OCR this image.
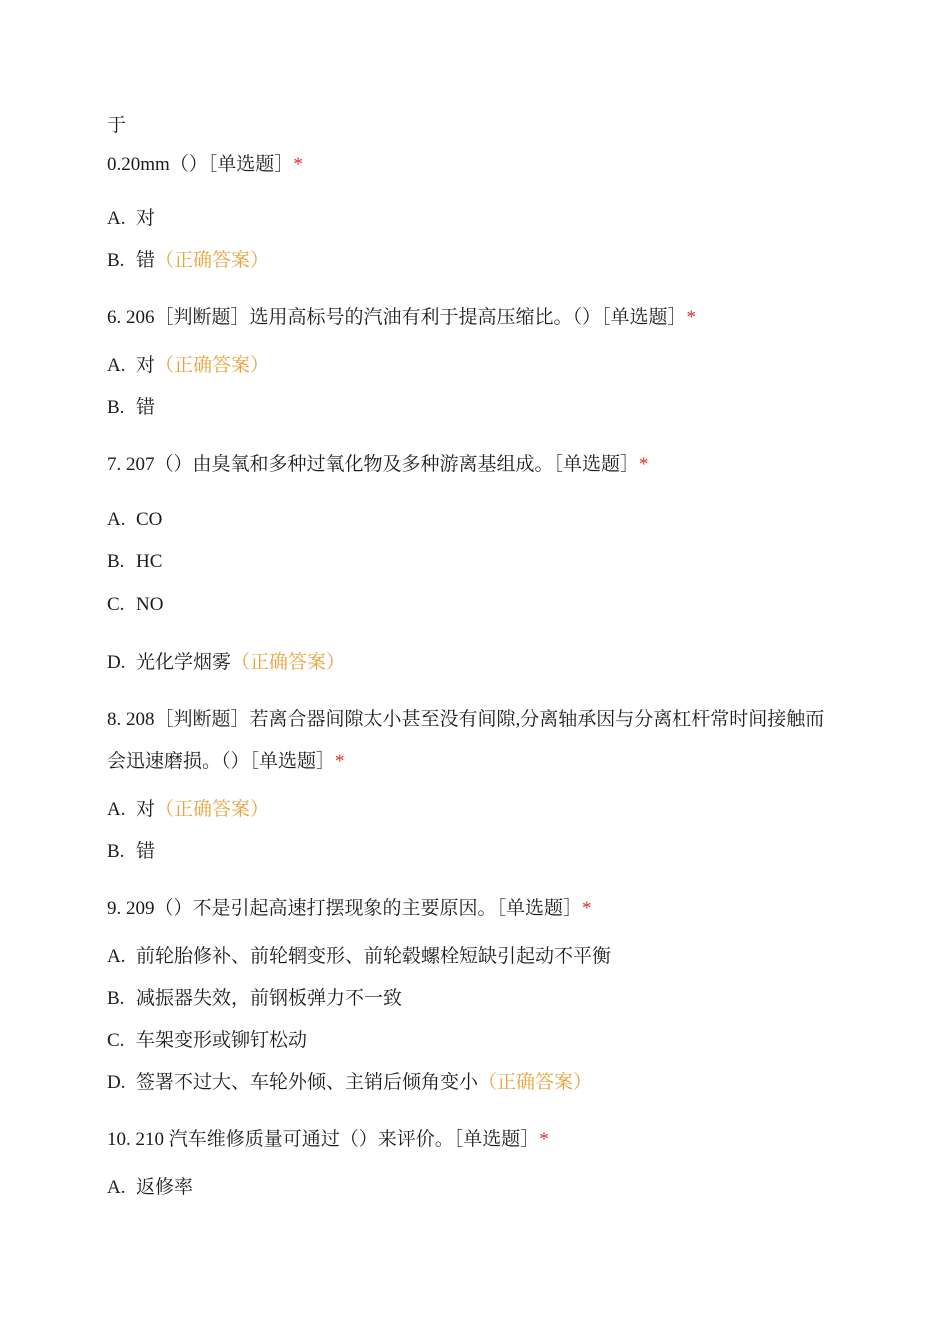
于
0.20mm（）［单选题］*
A. 对
B. 错（正确答案）
6. 206［判断题］选用高标号的汽油有利于提高压缩比。（）［单选题］*
A. 对（正确答案）
B. 错
7. 207（）由臭氧和多种过氧化物及多种游离基组成。［单选题］*
A. CO
B. HC
C. NO
D. 光化学烟雾（正确答案）
8. 208［判断题］若离合器间隙太小甚至没有间隙,分离轴承因与分离杠杆常时间接触而会迅速磨损。（）［单选题］*
A. 对（正确答案）
B. 错
9. 209（）不是引起高速打摆现象的主要原因。［单选题］*
A. 前轮胎修补、前轮辋变形、前轮毂螺栓短缺引起动不平衡
B. 减振器失效，前钢板弹力不一致
C. 车架变形或铆钉松动
D. 签署不过大、车轮外倾、主销后倾角变小（正确答案）
10. 210 汽车维修质量可通过（）来评价。［单选题］*
A. 返修率
